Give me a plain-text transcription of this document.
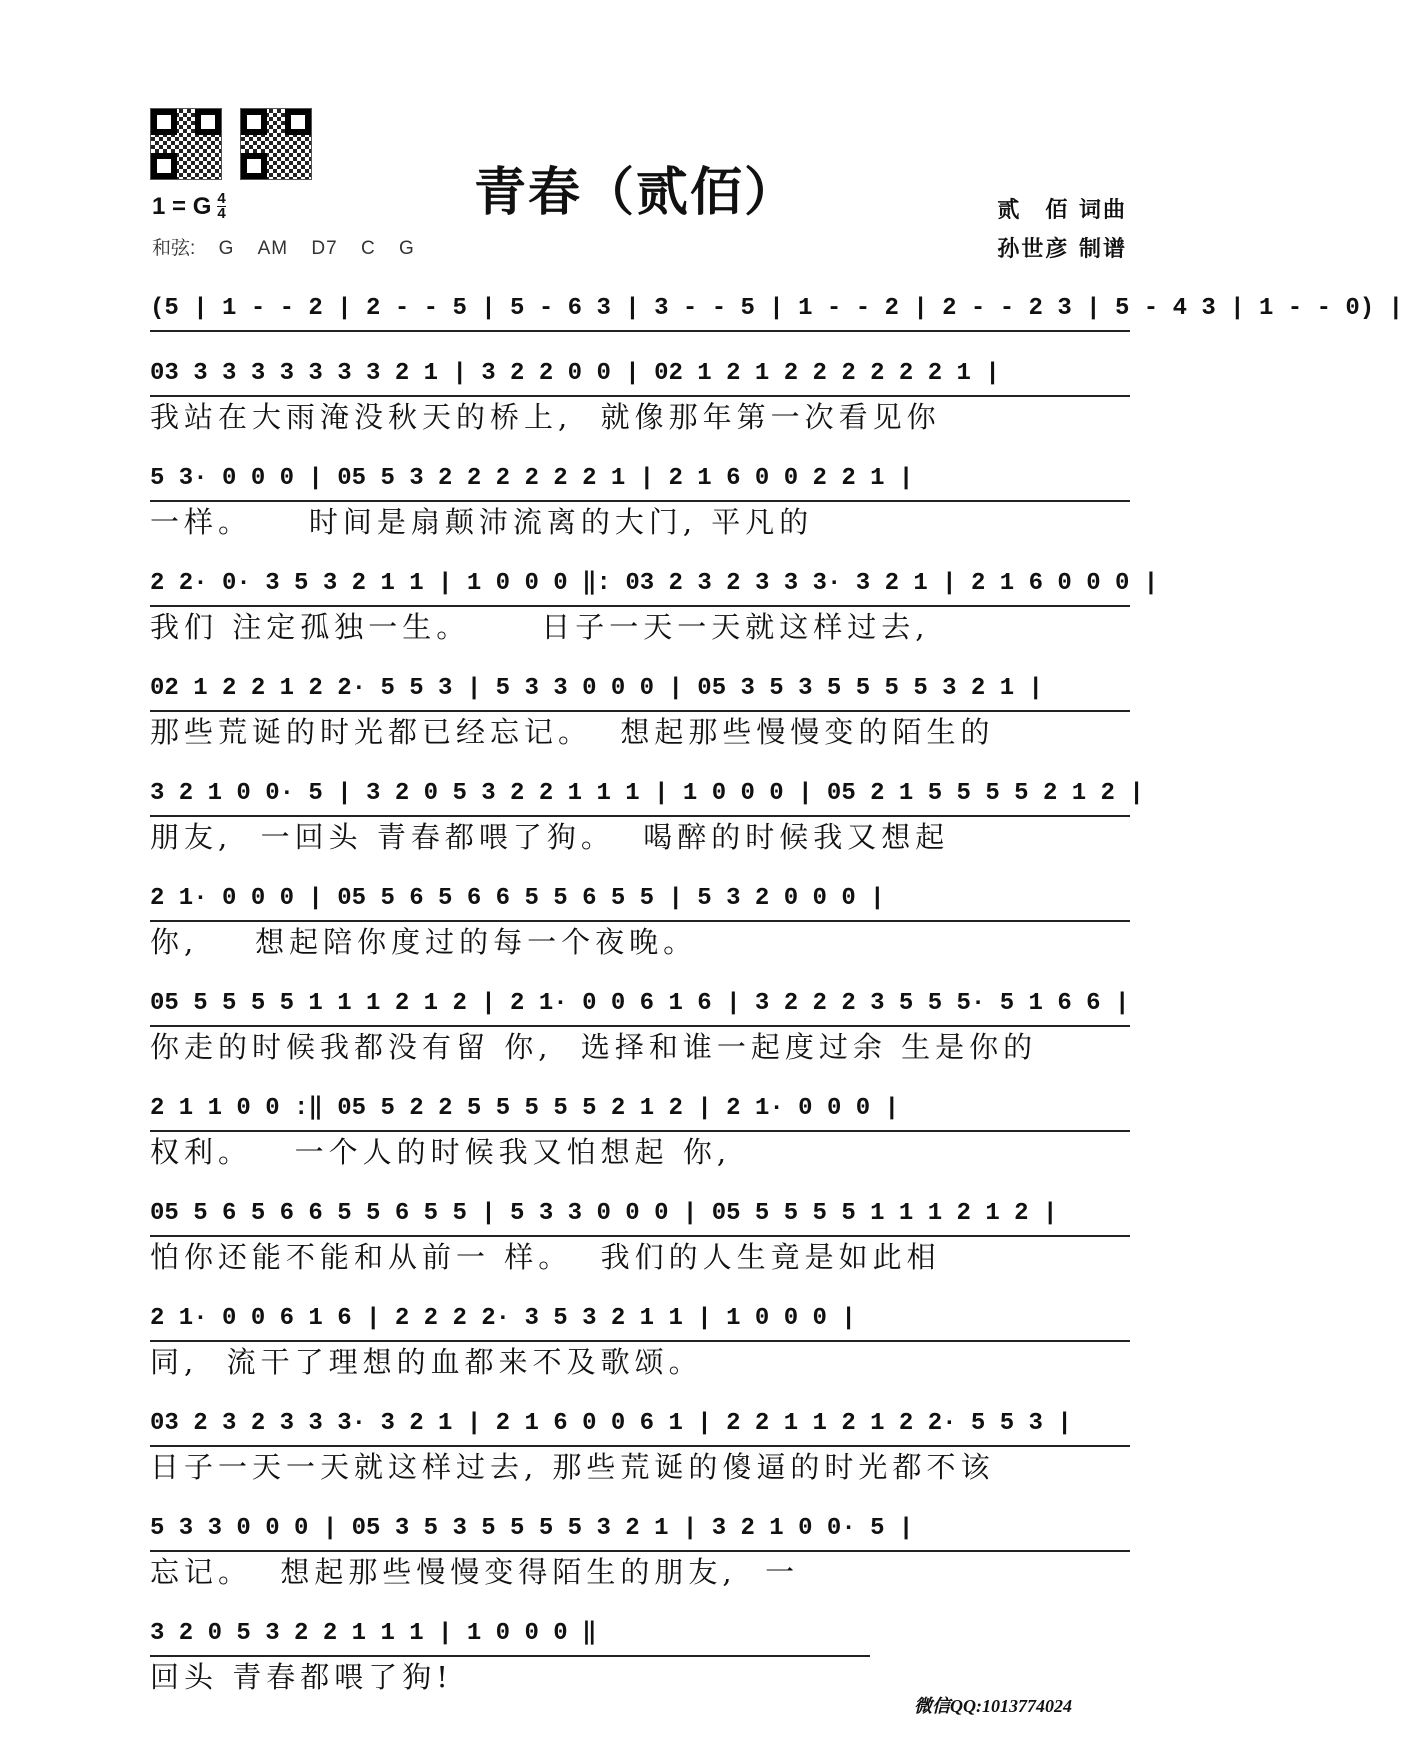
青春（贰佰）
1 = G $\frac{4}{4}$
和弦: G AM D7 C G
贰　佰 词曲
孙世彦 制谱
(5 | 1 - - 2 | 2 - - 5 | 5 - 6 3 | 3 - - 5 | 1 - - 2 | 2 - - 2 3 | 5 - 4 3 | 1 - - 0) |
03 3 3 3 3 3 3 3 2 1 | 3 2 2 0 0 | 02 1 2 1 2 2 2 2 2 2 1 |
我站在大雨淹没秋天的桥上,  就像那年第一次看见你
5 3· 0 0 0 | 05 5 3 2 2 2 2 2 2 1 | 2 1 6 0 0 2 2 1 |
一样。    时间是扇颠沛流离的大门, 平凡的
2 2· 0· 3 5 3 2 1 1 | 1 0 0 0 ‖: 03 2 3 2 3 3 3· 3 2 1 | 2 1 6 0 0 0 |
我们 注定孤独一生。     日子一天一天就这样过去,
02 1 2 2 1 2 2· 5 5 3 | 5 3 3 0 0 0 | 05 3 5 3 5 5 5 5 3 2 1 |
那些荒诞的时光都已经忘记。  想起那些慢慢变的陌生的
3 2 1 0 0· 5 | 3 2 0 5 3 2 2 1 1 1 | 1 0 0 0 | 05 2 1 5 5 5 5 2 1 2 |
朋友,  一回头 青春都喂了狗。  喝醉的时候我又想起
2 1· 0 0 0 | 05 5 6 5 6 6 5 5 6 5 5 | 5 3 2 0 0 0 |
你,    想起陪你度过的每一个夜晚。
05 5 5 5 5 1 1 1 2 1 2 | 2 1· 0 0 6 1 6 | 3 2 2 2 3 5 5 5· 5 1 6 6 |
你走的时候我都没有留 你,  选择和谁一起度过余 生是你的
2 1 1 0 0 :‖ 05 5 2 2 5 5 5 5 5 2 1 2 | 2 1· 0 0 0 |
权利。   一个人的时候我又怕想起 你,
05 5 6 5 6 6 5 5 6 5 5 | 5 3 3 0 0 0 | 05 5 5 5 5 1 1 1 2 1 2 |
怕你还能不能和从前一 样。  我们的人生竟是如此相
2 1· 0 0 6 1 6 | 2 2 2 2· 3 5 3 2 1 1 | 1 0 0 0 |
同,  流干了理想的血都来不及歌颂。
03 2 3 2 3 3 3· 3 2 1 | 2 1 6 0 0 6 1 | 2 2 1 1 2 1 2 2· 5 5 3 |
日子一天一天就这样过去, 那些荒诞的傻逼的时光都不该
5 3 3 0 0 0 | 05 3 5 3 5 5 5 5 3 2 1 | 3 2 1 0 0· 5 |
忘记。  想起那些慢慢变得陌生的朋友,  一
3 2 0 5 3 2 2 1 1 1 | 1 0 0 0 ‖
回头 青春都喂了狗!
微信QQ:1013774024
